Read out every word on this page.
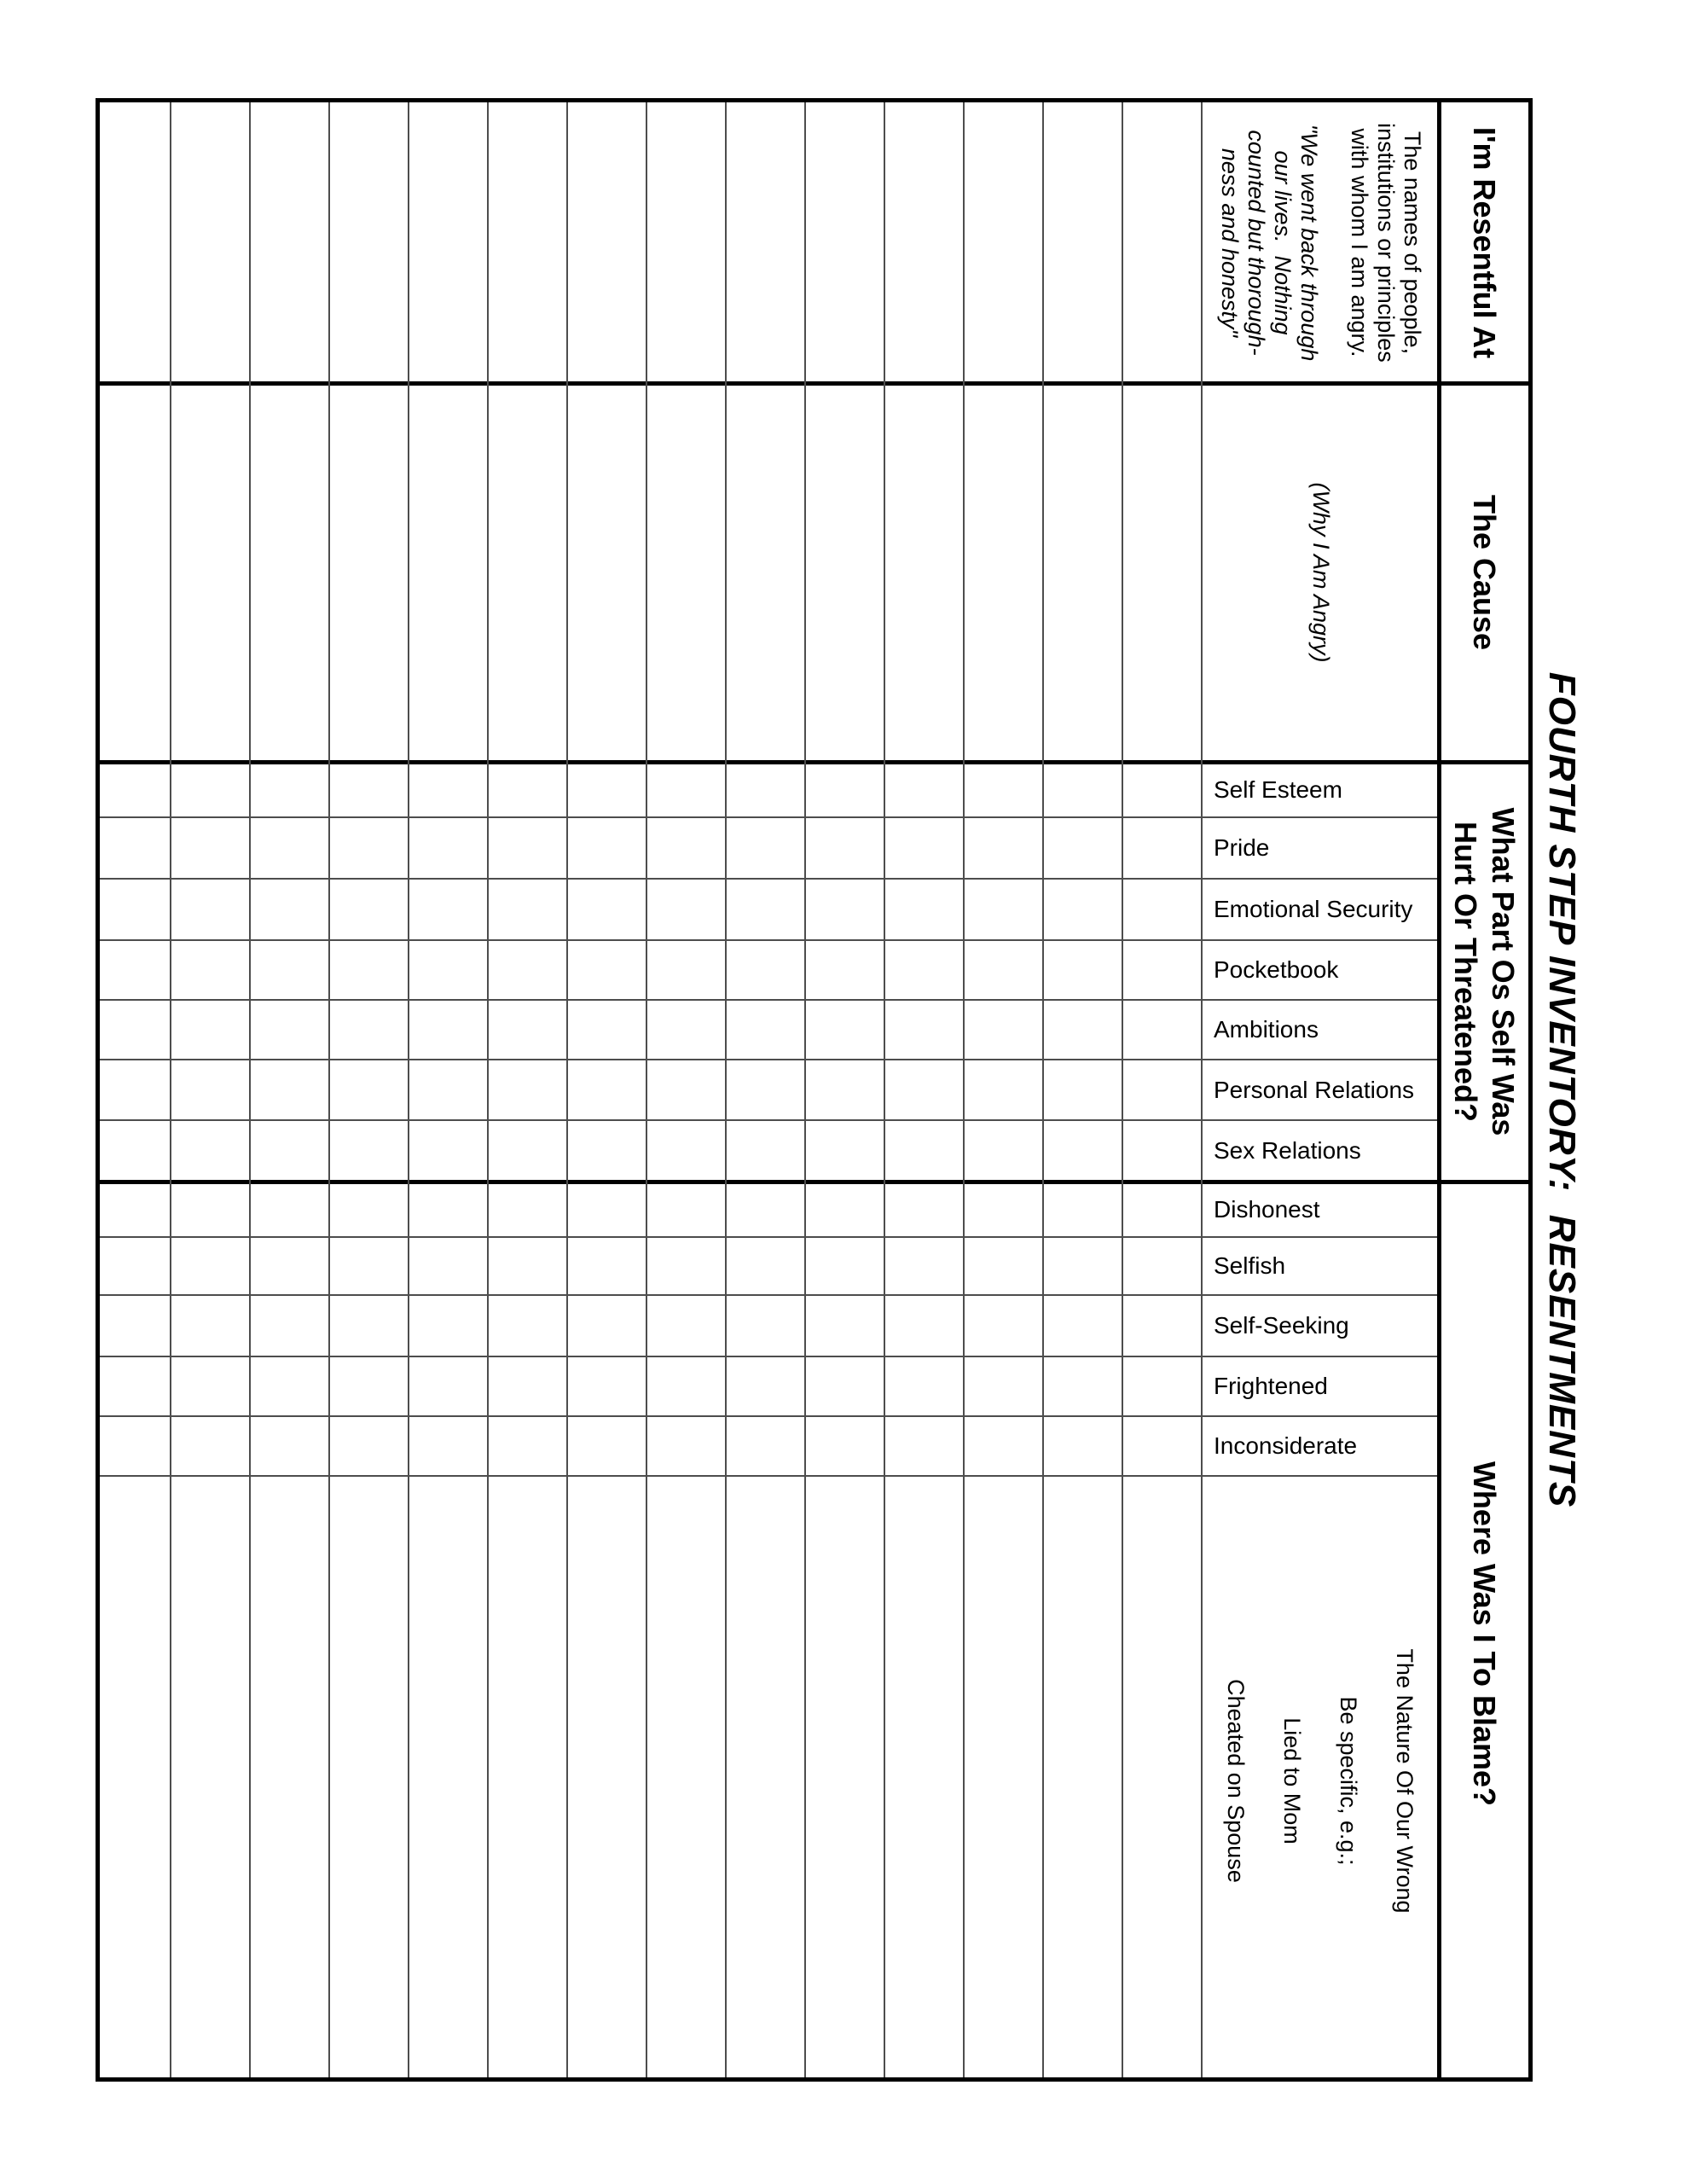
FOURTH STEP INVENTORY:  RESENTMENTS
I'm Resentful At
The Cause
What Part Os Self Was
Hurt Or Threatened?
Where Was I To Blame?
The names of people,
institutions or principles
with whom I am angry.
"We went back through
our lives.  Nothing
counted but thorough-
ness and honesty"
(Why I Am Angry)
Self Esteem
Pride
Emotional Security
Pocketbook
Ambitions
Personal Relations
Sex Relations
Dishonest
Selfish
Self-Seeking
Frightened
Inconsiderate
The Nature Of Our Wrong
Be specific, e.g.;
Lied to Mom
Cheated on Spouse
